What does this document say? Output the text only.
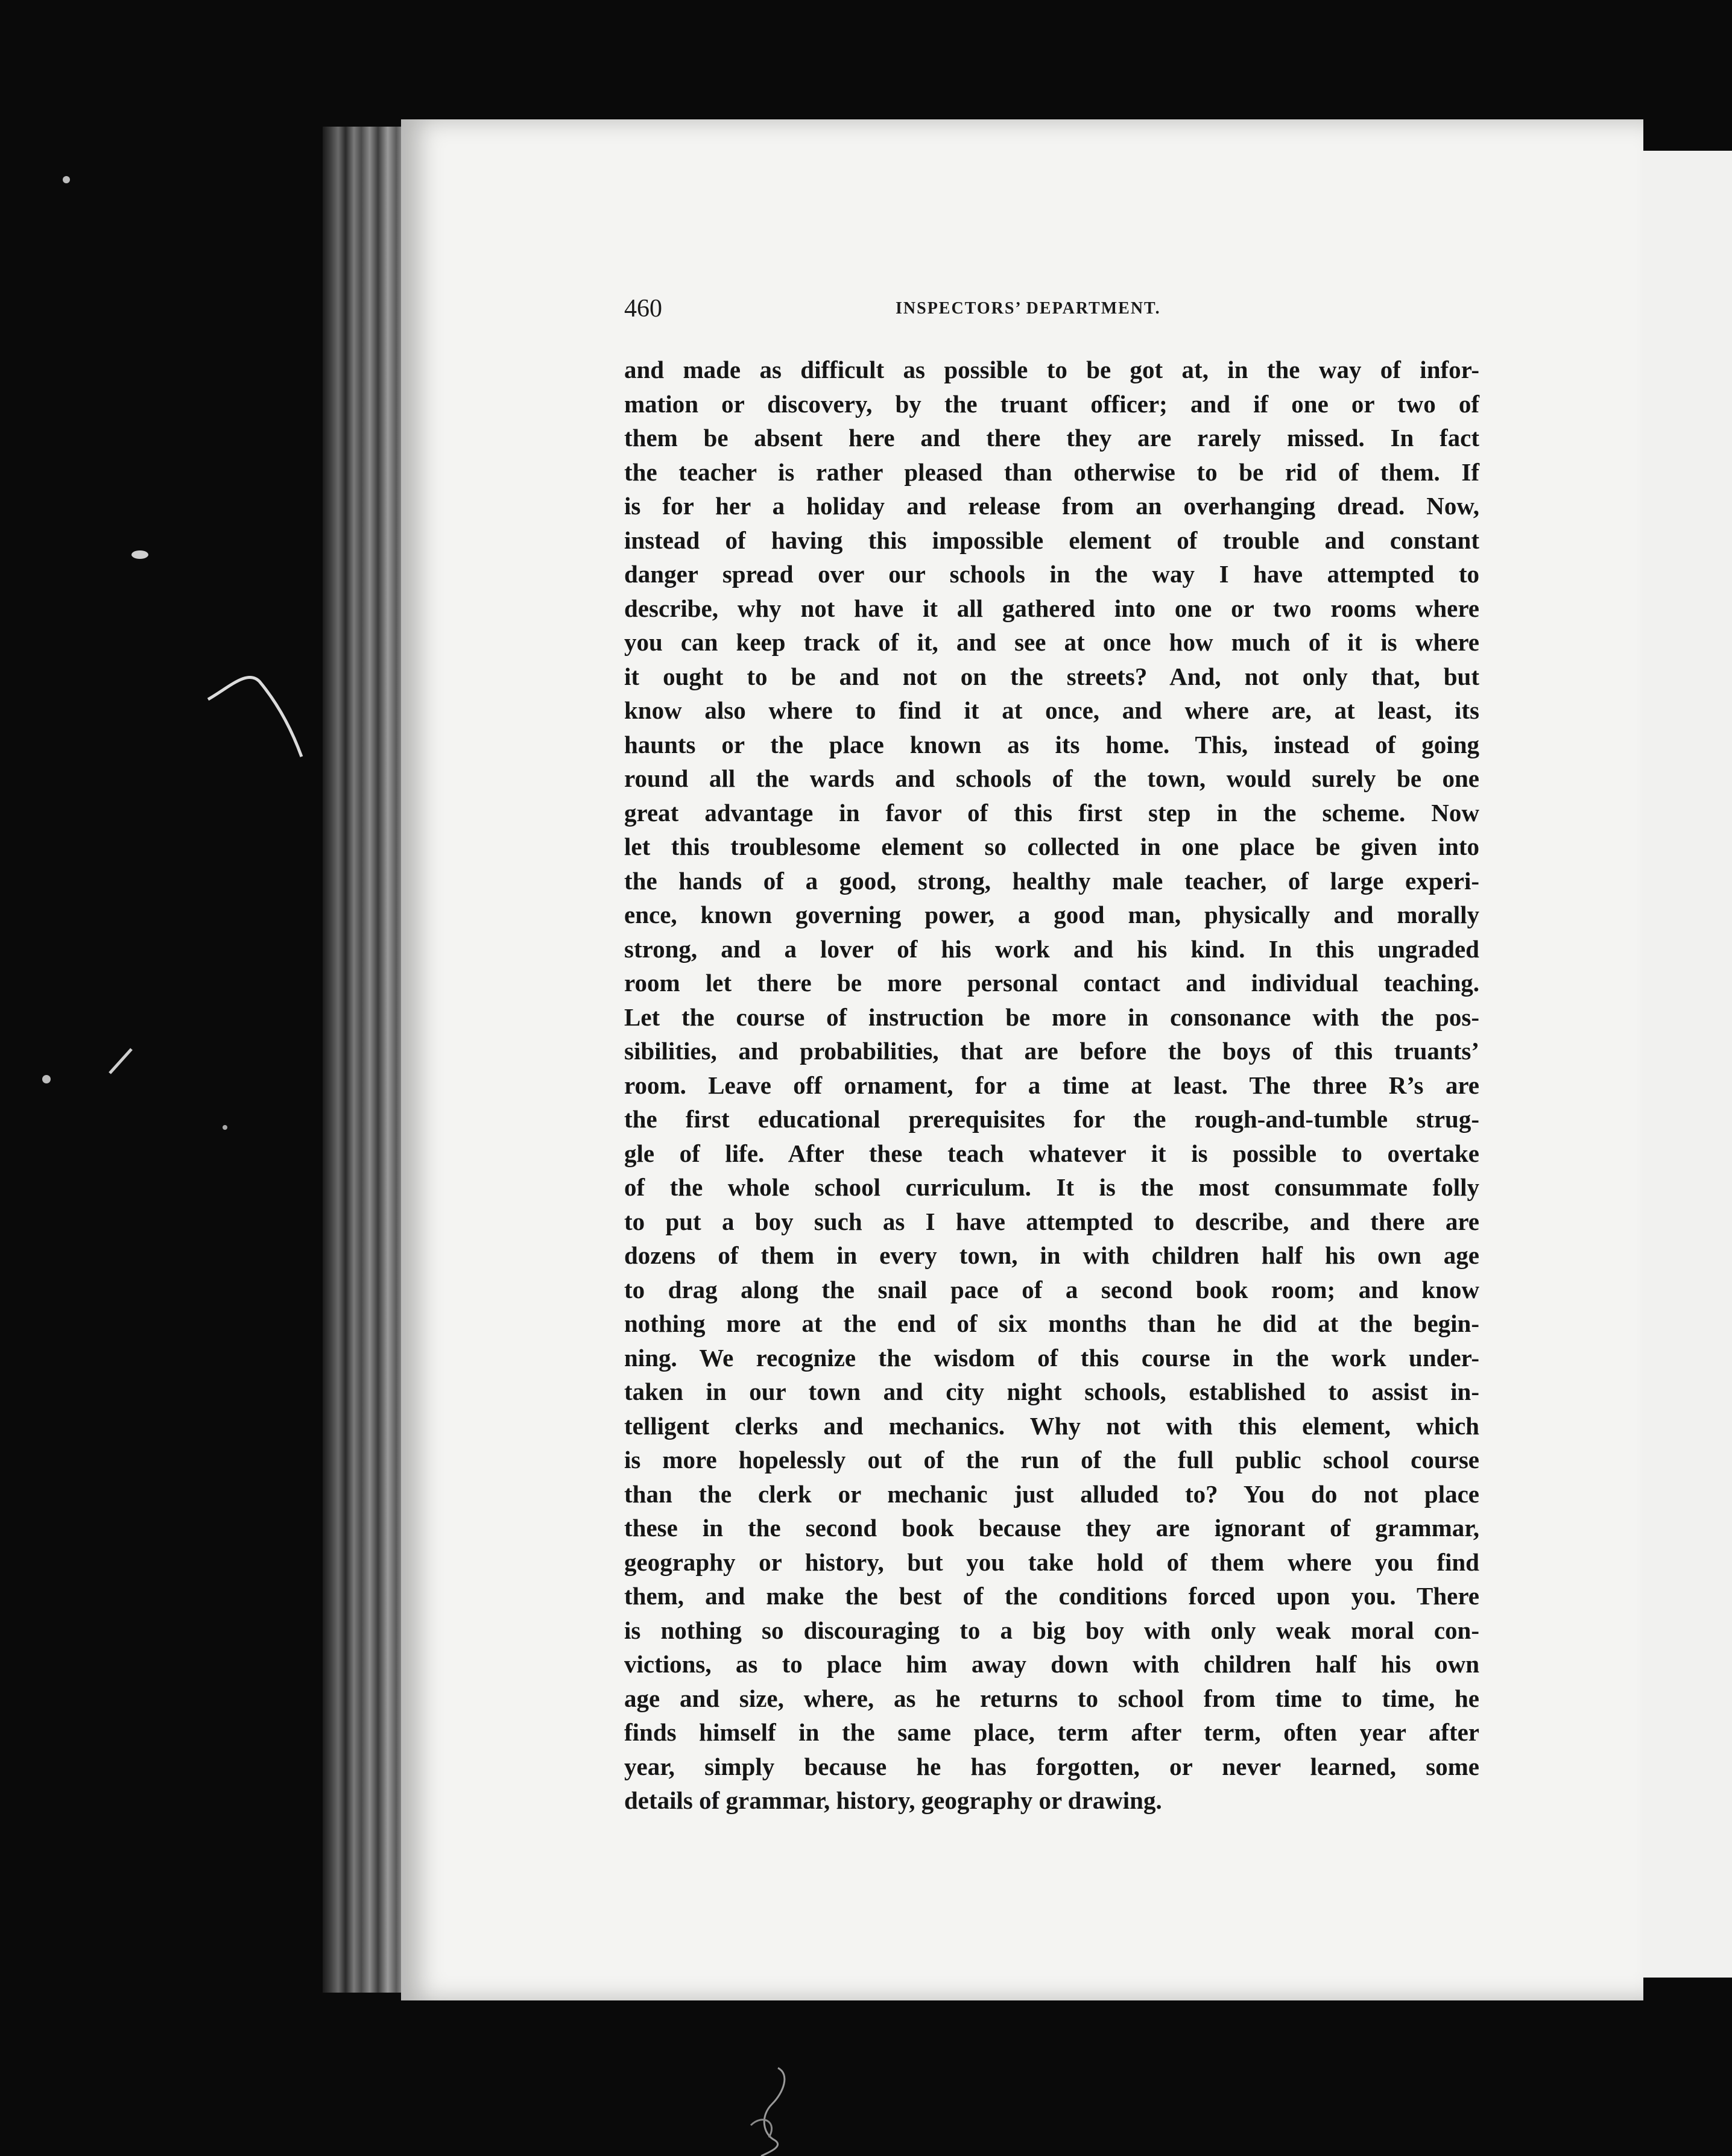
460	INSPECTORS’ DEPARTMENT.
and made as difficult as possible to be got at, in the way of infor-
mation or discovery, by the truant officer; and if one or two of
them be absent here and there they are rarely missed. In fact
the teacher is rather pleased than otherwise to be rid of them. If
is for her a holiday and release from an overhanging dread. Now,
instead of having this impossible element of trouble and constant
danger spread over our schools in the way I have attempted to
describe, why not have it all gathered into one or two rooms where
you can keep track of it, and see at once how much of it is where
it ought to be and not on the streets? And, not only that, but
know also where to find it at once, and where are, at least, its
haunts or the place known as its home. This, instead of going
round all the wards and schools of the town, would surely be one
great advantage in favor of this first step in the scheme. Now
let this troublesome element so collected in one place be given into
the hands of a good, strong, healthy male teacher, of large experi-
ence, known governing power, a good man, physically and morally
strong, and a lover of his work and his kind. In this ungraded
room let there be more personal contact and individual teaching.
Let the course of instruction be more in consonance with the pos-
sibilities, and probabilities, that are before the boys of this truants’
room. Leave off ornament, for a time at least. The three R’s are
the first educational prerequisites for the rough-and-tumble strug-
gle of life. After these teach whatever it is possible to overtake
of the whole school curriculum. It is the most consummate folly
to put a boy such as I have attempted to describe, and there are
dozens of them in every town, in with children half his own age
to drag along the snail pace of a second book room; and know
nothing more at the end of six months than he did at the begin-
ning. We recognize the wisdom of this course in the work under-
taken in our town and city night schools, established to assist in-
telligent clerks and mechanics. Why not with this element, which
is more hopelessly out of the run of the full public school course
than the clerk or mechanic just alluded to? You do not place
these in the second book because they are ignorant of grammar,
geography or history, but you take hold of them where you find
them, and make the best of the conditions forced upon you. There
is nothing so discouraging to a big boy with only weak moral con-
victions, as to place him away down with children half his own
age and size, where, as he returns to school from time to time, he
finds himself in the same place, term after term, often year after
year, simply because he has forgotten, or never learned, some
details of grammar, history, geography or drawing.
